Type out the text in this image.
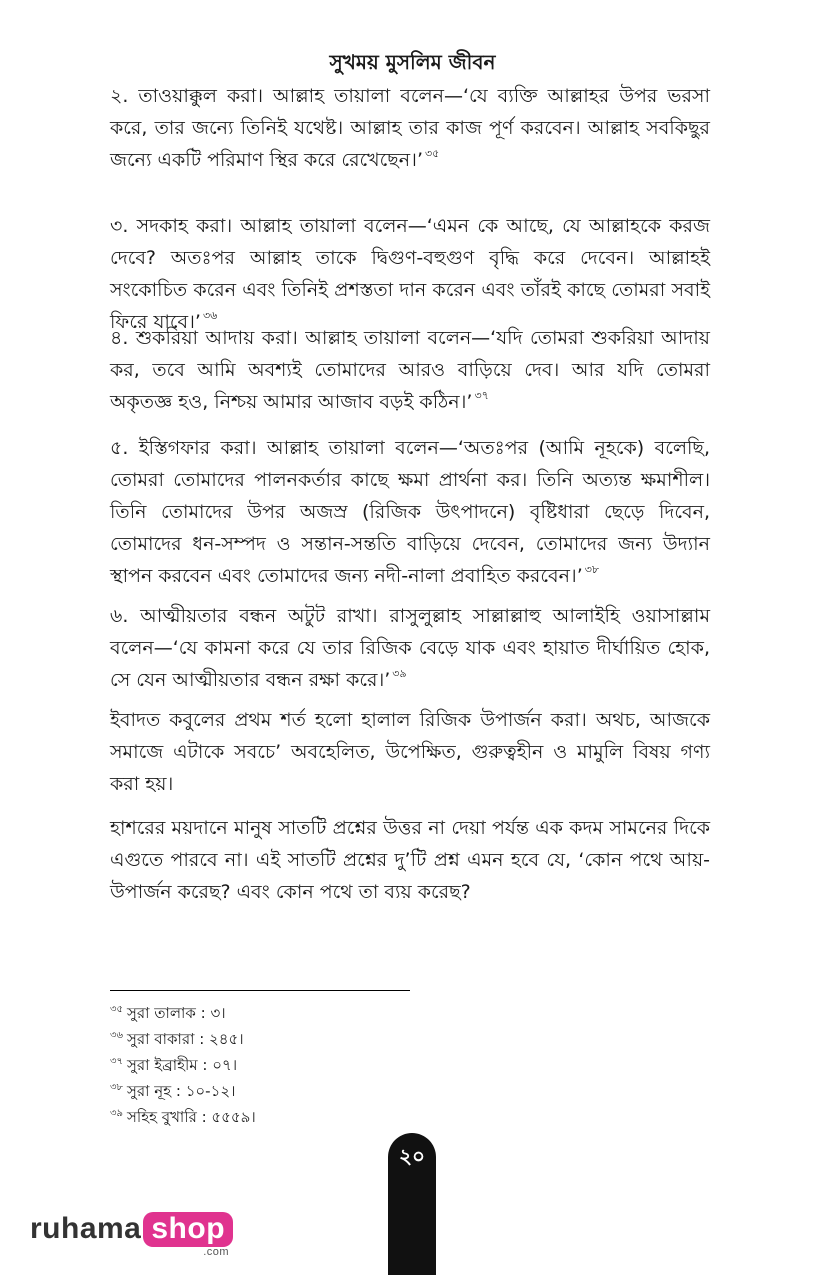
সুখময় মুসলিম জীবন

২. তাওয়াক্কুল করা। আল্লাহ তায়ালা বলেন—‘যে ব্যক্তি আল্লাহর উপর ভরসা করে, তার জন্যে তিনিই যথেষ্ট। আল্লাহ তার কাজ পূর্ণ করবেন। আল্লাহ সবকিছুর জন্যে একটি পরিমাণ স্থির করে রেখেছেন।’ $^{৩৫}$

৩. সদকাহ করা। আল্লাহ তায়ালা বলেন—‘এমন কে আছে, যে আল্লাহকে করজ দেবে? অতঃপর আল্লাহ তাকে দ্বিগুণ-বহুগুণ বৃদ্ধি করে দেবেন। আল্লাহই সংকোচিত করেন এবং তিনিই প্রশস্ততা দান করেন এবং তাঁরই কাছে তোমরা সবাই ফিরে যাবে।’ $^{৩৬}$

৪. শুকরিয়া আদায় করা। আল্লাহ তায়ালা বলেন—‘যদি তোমরা শুকরিয়া আদায় কর, তবে আমি অবশ্যই তোমাদের আরও বাড়িয়ে দেব। আর যদি তোমরা অকৃতজ্ঞ হও, নিশ্চয় আমার আজাব বড়ই কঠিন।’ $^{৩৭}$

৫. ইস্তিগফার করা। আল্লাহ তায়ালা বলেন—‘অতঃপর (আমি নূহকে) বলেছি, তোমরা তোমাদের পালনকর্তার কাছে ক্ষমা প্রার্থনা কর। তিনি অত্যন্ত ক্ষমাশীল। তিনি তোমাদের উপর অজস্র (রিজিক উৎপাদনে) বৃষ্টিধারা ছেড়ে দিবেন, তোমাদের ধন-সম্পদ ও সন্তান-সন্ততি বাড়িয়ে দেবেন, তোমাদের জন্য উদ্যান স্থাপন করবেন এবং তোমাদের জন্য নদী-নালা প্রবাহিত করবেন।’ $^{৩৮}$

৬. আত্মীয়তার বন্ধন অটুট রাখা। রাসুলুল্লাহ সাল্লাল্লাহু আলাইহি ওয়াসাল্লাম বলেন—‘যে কামনা করে যে তার রিজিক বেড়ে যাক এবং হায়াত দীর্ঘায়িত হোক, সে যেন আত্মীয়তার বন্ধন রক্ষা করে।’ $^{৩৯}$

ইবাদত কবুলের প্রথম শর্ত হলো হালাল রিজিক উপার্জন করা। অথচ, আজকে সমাজে এটাকে সবচে’ অবহেলিত, উপেক্ষিত, গুরুত্বহীন ও মামুলি বিষয় গণ্য করা হয়।

হাশরের ময়দানে মানুষ সাতটি প্রশ্নের উত্তর না দেয়া পর্যন্ত এক কদম সামনের দিকে এগুতে পারবে না। এই সাতটি প্রশ্নের দু’টি প্রশ্ন এমন হবে যে, ‘কোন পথে আয়-উপার্জন করেছ? এবং কোন পথে তা ব্যয় করেছ?

$^{৩৫}$ সুরা তালাক : ৩।
$^{৩৬}$ সুরা বাকারা : ২৪৫।
$^{৩৭}$ সুরা ইব্রাহীম : ০৭।
$^{৩৮}$ সুরা নূহ : ১০-১২।
$^{৩৯}$ সহিহ বুখারি : ৫৫৫৯।
২০
ruhama shop
.com
